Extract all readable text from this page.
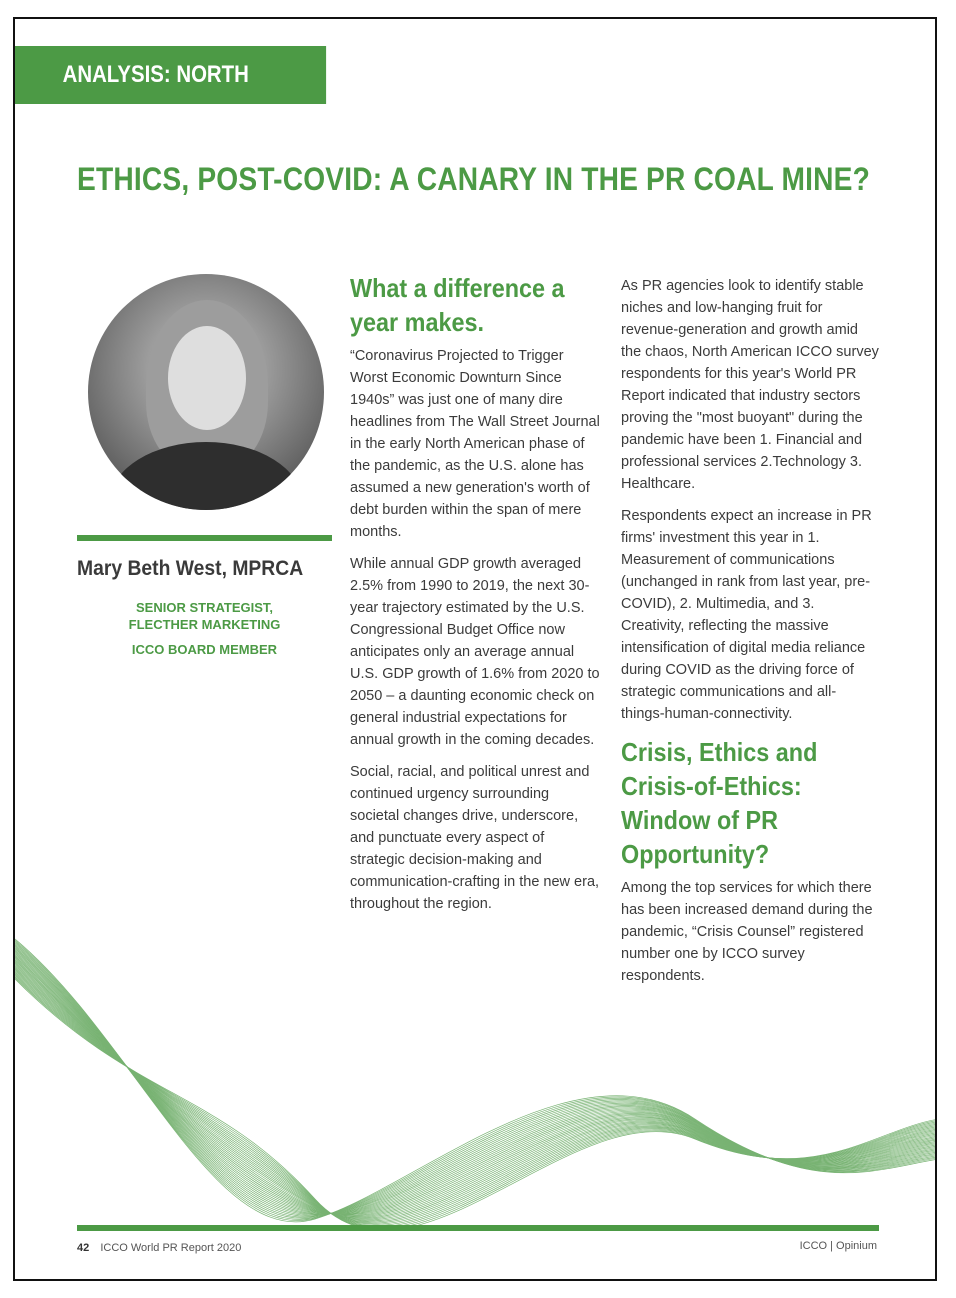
ANALYSIS: NORTH AMERICA
ETHICS, POST-COVID: A CANARY IN THE PR COAL MINE?
Mary Beth West, MPRCA
SENIOR STRATEGIST,
FLECTHER MARKETING
ICCO BOARD MEMBER
What a difference a year makes.

“Coronavirus Projected to Trigger Worst Economic Downturn Since 1940s” was just one of many dire headlines from The Wall Street Journal in the early North American phase of the pandemic, as the U.S. alone has assumed a new generation's worth of debt burden within the span of mere months.

While annual GDP growth averaged 2.5% from 1990 to 2019, the next 30-year trajectory estimated by the U.S. Congressional Budget Office now anticipates only an average annual U.S. GDP growth of 1.6% from 2020 to 2050 – a daunting economic check on general industrial expectations for annual growth in the coming decades.

Social, racial, and political unrest and continued urgency surrounding societal changes drive, underscore, and punctuate every aspect of strategic decision-making and communication-crafting in the new era, throughout the region.

As PR agencies look to identify stable niches and low-hanging fruit for revenue-generation and growth amid the chaos, North American ICCO survey respondents for this year's World PR Report indicated that industry sectors proving the "most buoyant" during the pandemic have been 1. Financial and professional services 2.Technology 3. Healthcare.

Respondents expect an increase in PR firms' investment this year in 1. Measurement of communications (unchanged in rank from last year, pre-COVID), 2. Multimedia, and 3. Creativity, reflecting the massive intensification of digital media reliance during COVID as the driving force of strategic communications and all-things-human-connectivity.

Crisis, Ethics and Crisis-of-Ethics: Window of PR Opportunity?

Among the top services for which there has been increased demand during the pandemic, “Crisis Counsel” registered number one by ICCO survey respondents.

42 ICCO World PR Report 2020	ICCO | Opinium
